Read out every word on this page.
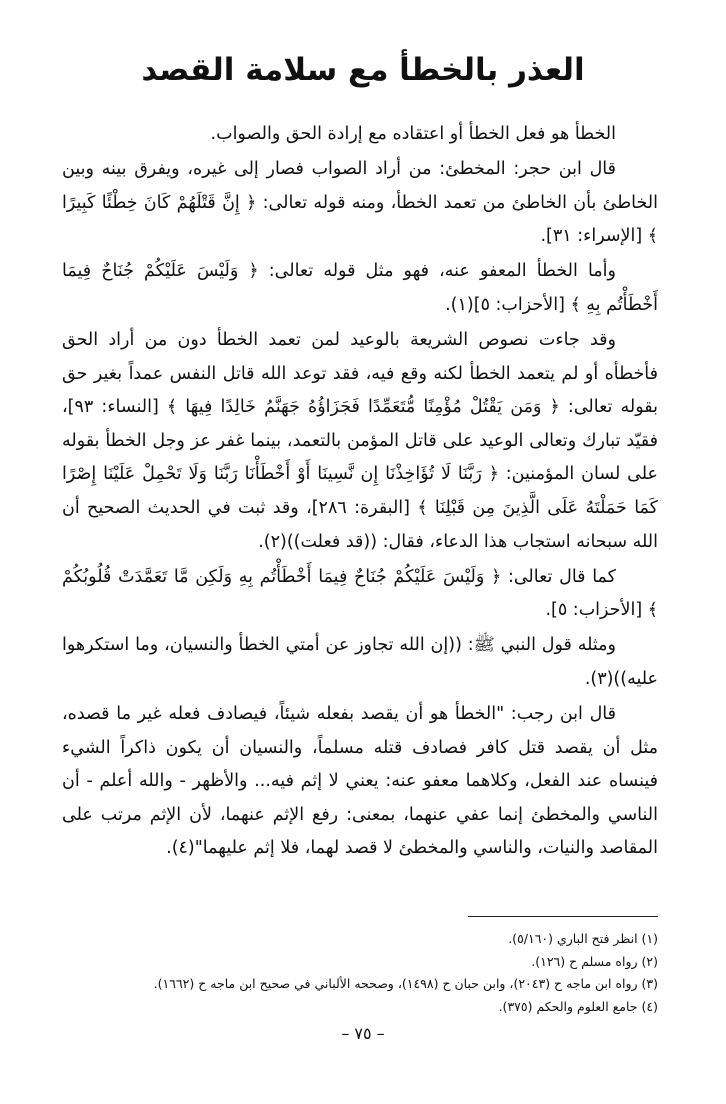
العذر بالخطأ مع سلامة القصد

الخطأ هو فعل الخطأ أو اعتقاده مع إرادة الحق والصواب.

قال ابن حجر: المخطئ: من أراد الصواب فصار إلى غيره، ويفرق بينه وبين الخاطئ بأن الخاطئ من تعمد الخطأ، ومنه قوله تعالى: ﴿ إِنَّ قَتْلَهُمْ كَانَ خِطْئًا كَبِيرًا ﴾ [الإسراء: ٣١].

وأما الخطأ المعفو عنه، فهو مثل قوله تعالى: ﴿ وَلَيْسَ عَلَيْكُمْ جُنَاحٌ فِيمَا أَخْطَأْتُم بِهِ ﴾ [الأحزاب: ٥](١).

وقد جاءت نصوص الشريعة بالوعيد لمن تعمد الخطأ دون من أراد الحق فأخطأه أو لم يتعمد الخطأ لكنه وقع فيه، فقد توعد الله قاتل النفس عمداً بغير حق بقوله تعالى: ﴿ وَمَن يَقْتُلْ مُؤْمِنًا مُّتَعَمِّدًا فَجَزَاؤُهُ جَهَنَّمُ خَالِدًا فِيهَا ﴾ [النساء: ٩٣]، فقيّد تبارك وتعالى الوعيد على قاتل المؤمن بالتعمد، بينما غفر عز وجل الخطأ بقوله على لسان المؤمنين: ﴿ رَبَّنَا لَا تُؤَاخِذْنَا إِن نَّسِينَا أَوْ أَخْطَأْنَا رَبَّنَا وَلَا تَحْمِلْ عَلَيْنَا إِصْرًا كَمَا حَمَلْتَهُ عَلَى الَّذِينَ مِن قَبْلِنَا ﴾ [البقرة: ٢٨٦]، وقد ثبت في الحديث الصحيح أن الله سبحانه استجاب هذا الدعاء، فقال: ((قد فعلت))(٢).

كما قال تعالى: ﴿ وَلَيْسَ عَلَيْكُمْ جُنَاحٌ فِيمَا أَخْطَأْتُم بِهِ وَلَكِن مَّا تَعَمَّدَتْ قُلُوبُكُمْ ﴾ [الأحزاب: ٥].

ومثله قول النبي ﷺ: ((إن الله تجاوز عن أمتي الخطأ والنسيان، وما استكرهوا عليه))(٣).

قال ابن رجب: "الخطأ هو أن يقصد بفعله شيئاً، فيصادف فعله غير ما قصده، مثل أن يقصد قتل كافر فصادف قتله مسلماً، والنسيان أن يكون ذاكراً الشيء فينساه عند الفعل، وكلاهما معفو عنه: يعني لا إثم فيه... والأظهر - والله أعلم - أن الناسي والمخطئ إنما عفي عنهما، بمعنى: رفع الإثم عنهما، لأن الإثم مرتب على المقاصد والنيات، والناسي والمخطئ لا قصد لهما، فلا إثم عليهما"(٤).

(١) انظر فتح الباري (٥/١٦٠).
(٢) رواه مسلم ح (١٢٦).
(٣) رواه ابن ماجه ح (٢٠٤٣)، وابن حبان ح (١٤٩٨)، وصححه الألباني في صحيح ابن ماجه ح (١٦٦٢).
(٤) جامع العلوم والحكم (٣٧٥).
– ٧٥ –
